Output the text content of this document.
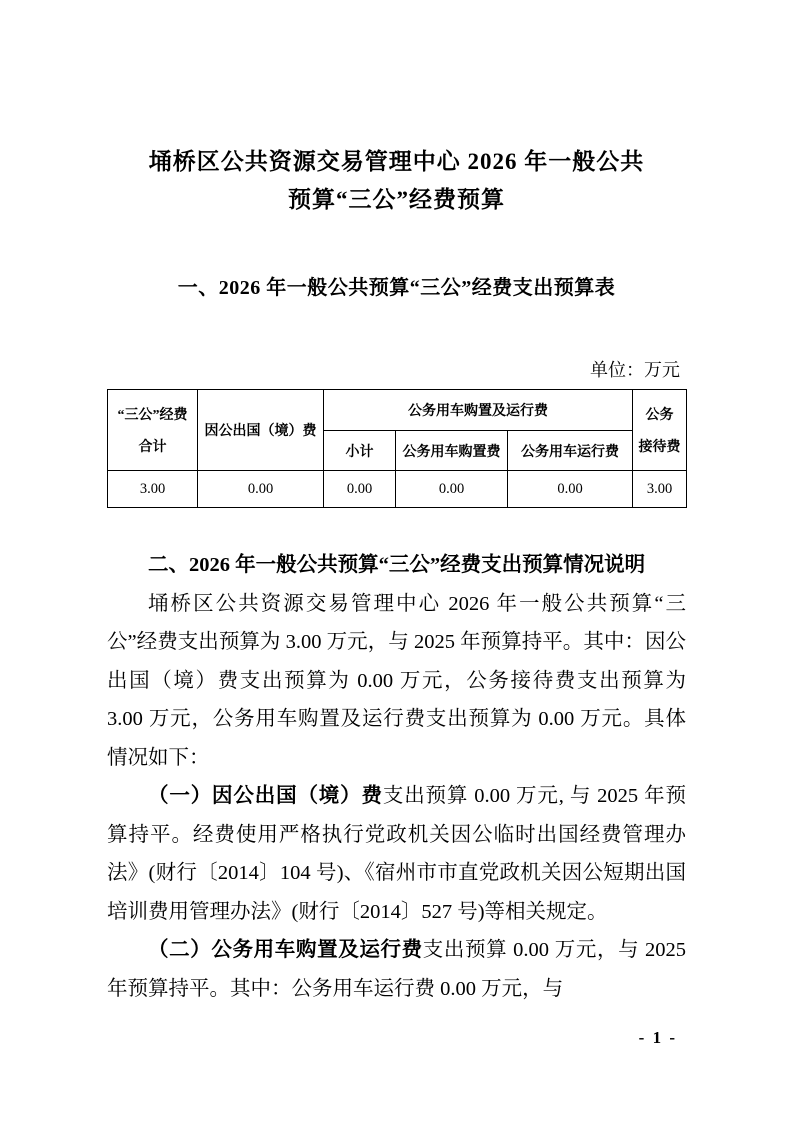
埇桥区公共资源交易管理中心 2026 年一般公共
预算“三公”经费预算
一、2026 年一般公共预算“三公”经费支出预算表
单位：万元
“三公”经费
合计
	因公出国（境）费	公务用车购置及运行费	公务
接待费

		小计	公务用车购置费	公务用车运行费	
3.00	0.00	0.00	0.00	0.00	3.00

二、2026 年一般公共预算“三公”经费支出预算情况说明

埇桥区公共资源交易管理中心 2026 年一般公共预算“三公”经费支出预算为 3.00 万元，与 2025 年预算持平。其中：因公出国（境）费支出预算为 0.00 万元，公务接待费支出预算为 3.00 万元，公务用车购置及运行费支出预算为 0.00 万元。具体情况如下：

（一）因公出国（境）费支出预算 0.00 万元, 与 2025 年预算持平。经费使用严格执行党政机关因公临时出国经费管理办法》(财行〔2014〕104 号)、《宿州市市直党政机关因公短期出国培训费用管理办法》(财行〔2014〕527 号)等相关规定。

（二）公务用车购置及运行费支出预算 0.00 万元，与 2025 年预算持平。其中：公务用车运行费 0.00 万元，与

- 1 -
